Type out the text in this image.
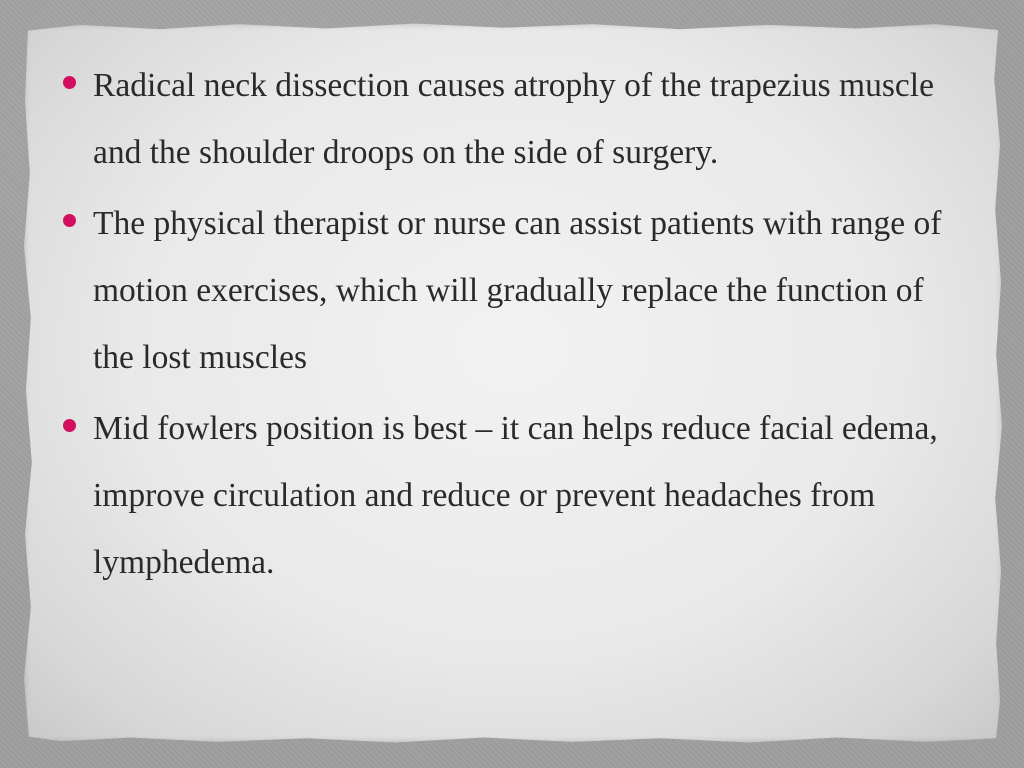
Radical neck dissection causes atrophy of the trapezius muscle and the shoulder droops on the side of surgery.
The physical therapist or nurse can assist patients with range of motion exercises, which will gradually replace the function of the lost muscles
Mid fowlers position is best – it can helps reduce facial edema, improve circulation and reduce or prevent headaches from lymphedema.
